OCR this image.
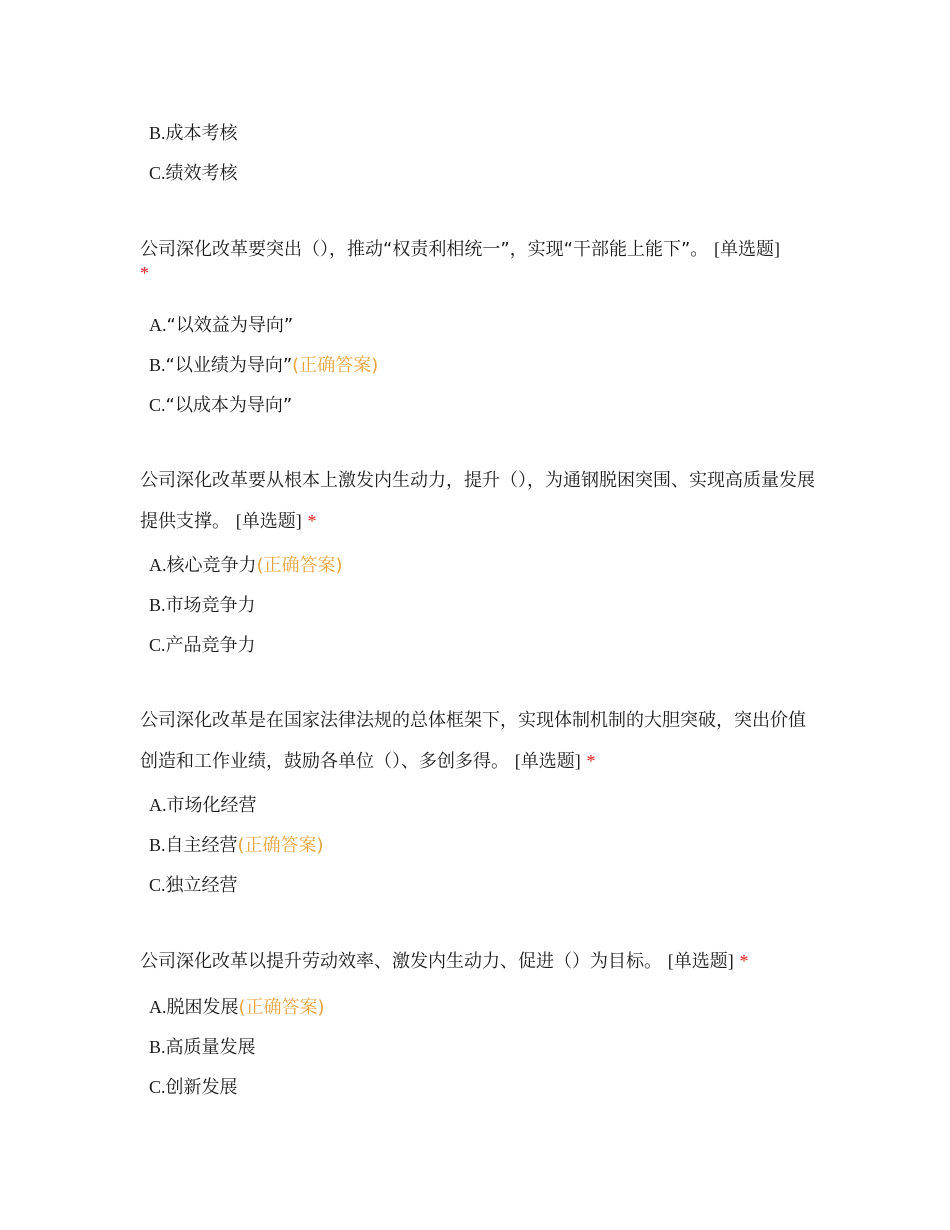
B.成本考核
C.绩效考核
公司深化改革要突出（），推动“权责利相统一”，实现“干部能上能下”。 [单选题]
*
A.“以效益为导向”
B.“以业绩为导向”(正确答案)
C.“以成本为导向”
公司深化改革要从根本上激发内生动力，提升（），为通钢脱困突围、实现高质量发展提供支撑。 [单选题] *
A.核心竞争力(正确答案)
B.市场竞争力
C.产品竞争力
公司深化改革是在国家法律法规的总体框架下，实现体制机制的大胆突破，突出价值创造和工作业绩，鼓励各单位（）、多创多得。 [单选题] *
A.市场化经营
B.自主经营(正确答案)
C.独立经营
公司深化改革以提升劳动效率、激发内生动力、促进（）为目标。 [单选题] *
A.脱困发展(正确答案)
B.高质量发展
C.创新发展
